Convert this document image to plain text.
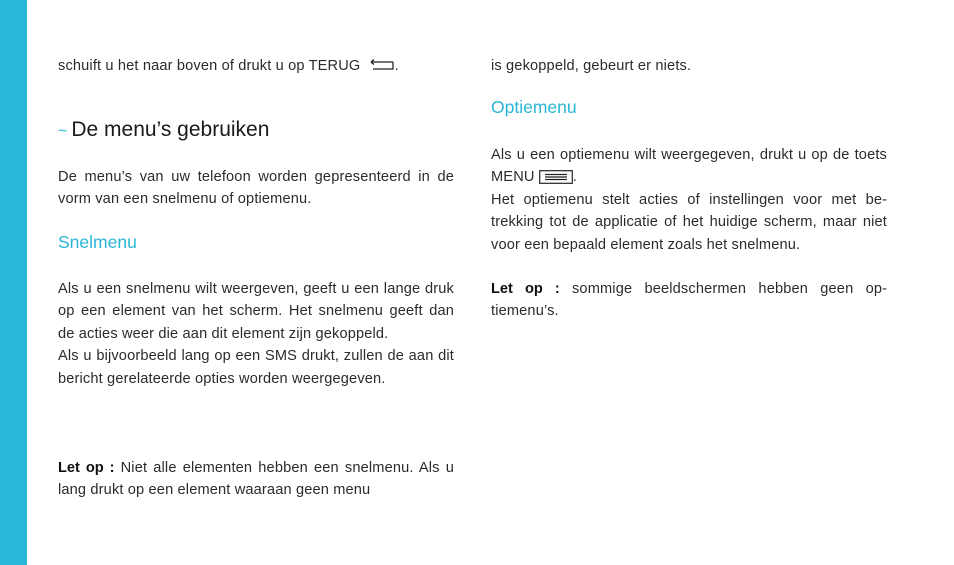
schuift u het naar boven of drukt u op TERUG .

~ De menu’s gebruiken

De menu’s van uw telefoon worden gepresenteerd in de vorm van een snelmenu of optiemenu.

Snelmenu

Als u een snelmenu wilt weergeven, geeft u een lange druk op een element van het scherm. Het snelmenu geeft dan de acties weer die aan dit element zijn gekoppeld.
Als u bijvoorbeeld lang op een SMS drukt, zullen de aan dit bericht gerelateerde opties worden weergegeven.

Let op : Niet alle elementen hebben een snelmenu. Als u lang drukt op een element waaraan geen menu

is gekoppeld, gebeurt er niets.

Optiemenu

Als u een optiemenu wilt weergegeven, drukt u op de toets MENU	.
Het optiemenu stelt acties of instellingen voor met betrekking tot de applicatie of het huidige scherm, maar niet voor een bepaald element zoals het snelmenu.

Let op : sommige beeldschermen hebben geen optiemenu’s.
